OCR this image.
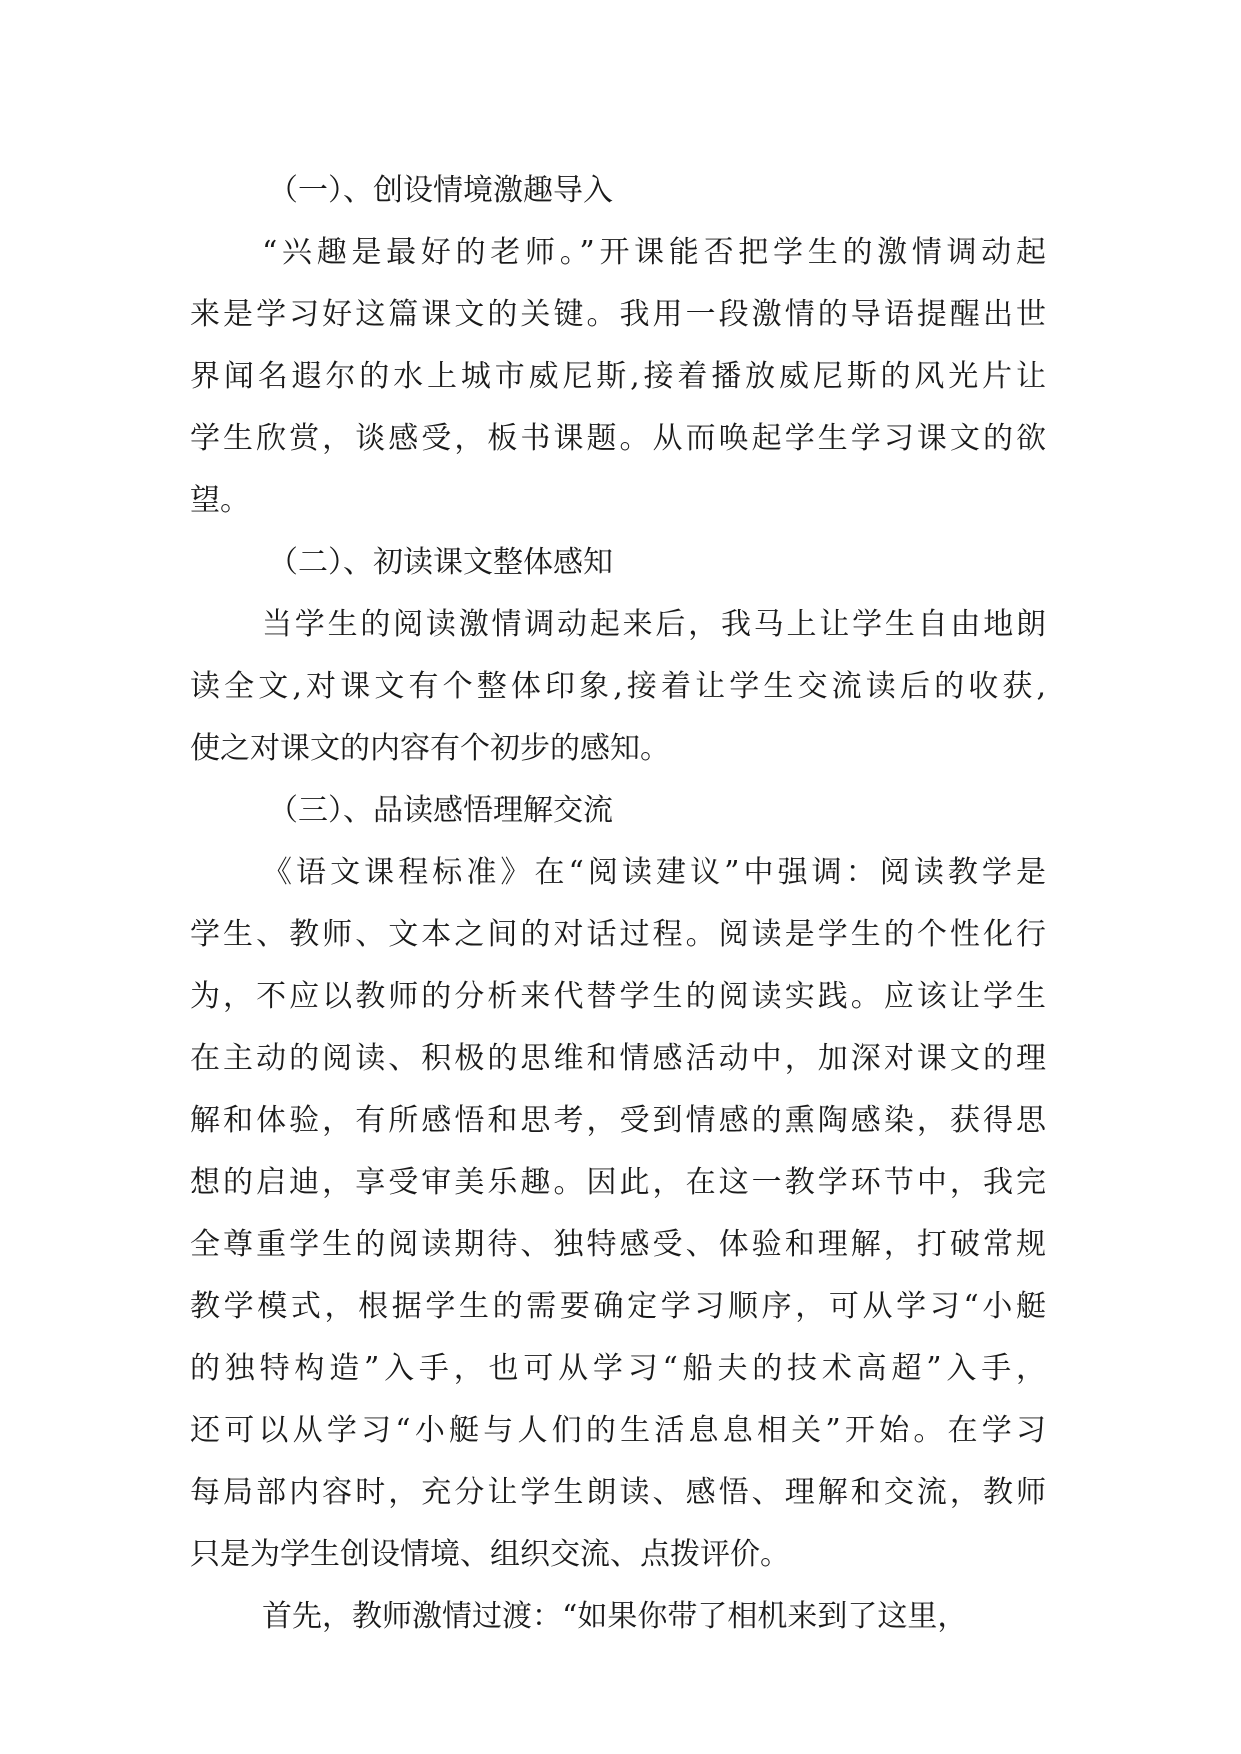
（一）、创设情境激趣导入
“兴趣是最好的老师。”开课能否把学生的激情调动起
来是学习好这篇课文的关键。我用一段激情的导语提醒出世
界闻名遐尔的水上城市威尼斯,接着播放威尼斯的风光片让
学生欣赏，谈感受，板书课题。从而唤起学生学习课文的欲
望。
（二）、初读课文整体感知
当学生的阅读激情调动起来后，我马上让学生自由地朗
读全文,对课文有个整体印象,接着让学生交流读后的收获,
使之对课文的内容有个初步的感知。
（三）、品读感悟理解交流
《语文课程标准》在“阅读建议”中强调：阅读教学是
学生、教师、文本之间的对话过程。阅读是学生的个性化行
为，不应以教师的分析来代替学生的阅读实践。应该让学生
在主动的阅读、积极的思维和情感活动中，加深对课文的理
解和体验，有所感悟和思考，受到情感的熏陶感染，获得思
想的启迪，享受审美乐趣。因此，在这一教学环节中，我完
全尊重学生的阅读期待、独特感受、体验和理解，打破常规
教学模式，根据学生的需要确定学习顺序，可从学习“小艇
的独特构造”入手，也可从学习“船夫的技术高超”入手，
还可以从学习“小艇与人们的生活息息相关”开始。在学习
每局部内容时，充分让学生朗读、感悟、理解和交流，教师
只是为学生创设情境、组织交流、点拨评价。
首先，教师激情过渡：“如果你带了相机来到了这里，
